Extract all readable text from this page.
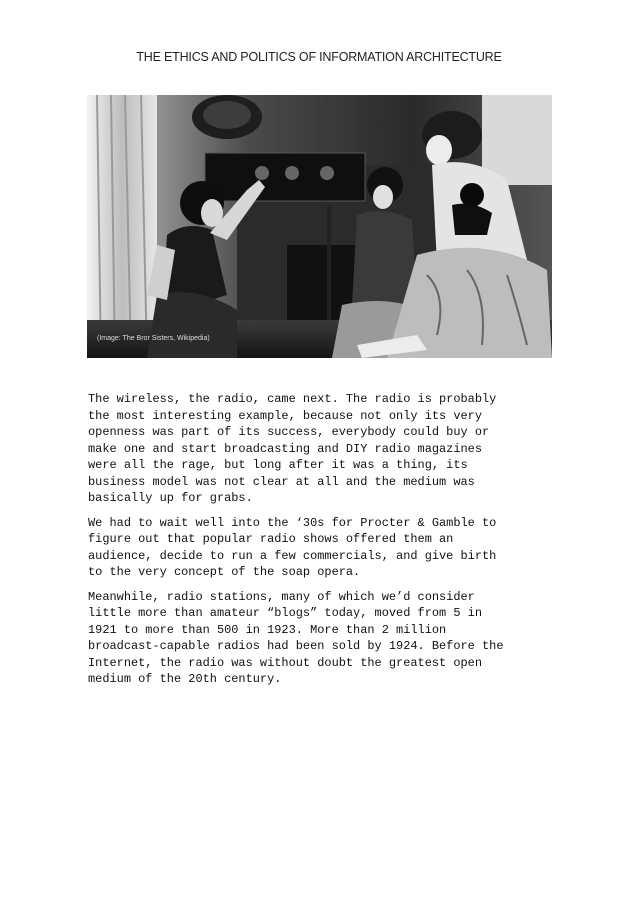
THE ETHICS AND POLITICS OF INFORMATION ARCHITECTURE
(Image: The Bror Sisters, Wikipedia)

The wireless, the radio, came next. The radio is probably
the most interesting example, because not only its very
openness was part of its success, everybody could buy or
make one and start broadcasting and DIY radio magazines
were all the rage, but long after it was a thing, its
business model was not clear at all and the medium was
basically up for grabs.

We had to wait well into the ‘30s for Procter & Gamble to
figure out that popular radio shows offered them an
audience, decide to run a few commercials, and give birth
to the very concept of the soap opera.

Meanwhile, radio stations, many of which we’d consider
little more than amateur “blogs” today, moved from 5 in
1921 to more than 500 in 1923. More than 2 million
broadcast-capable radios had been sold by 1924. Before the
Internet, the radio was without doubt the greatest open
medium of the 20th century.
